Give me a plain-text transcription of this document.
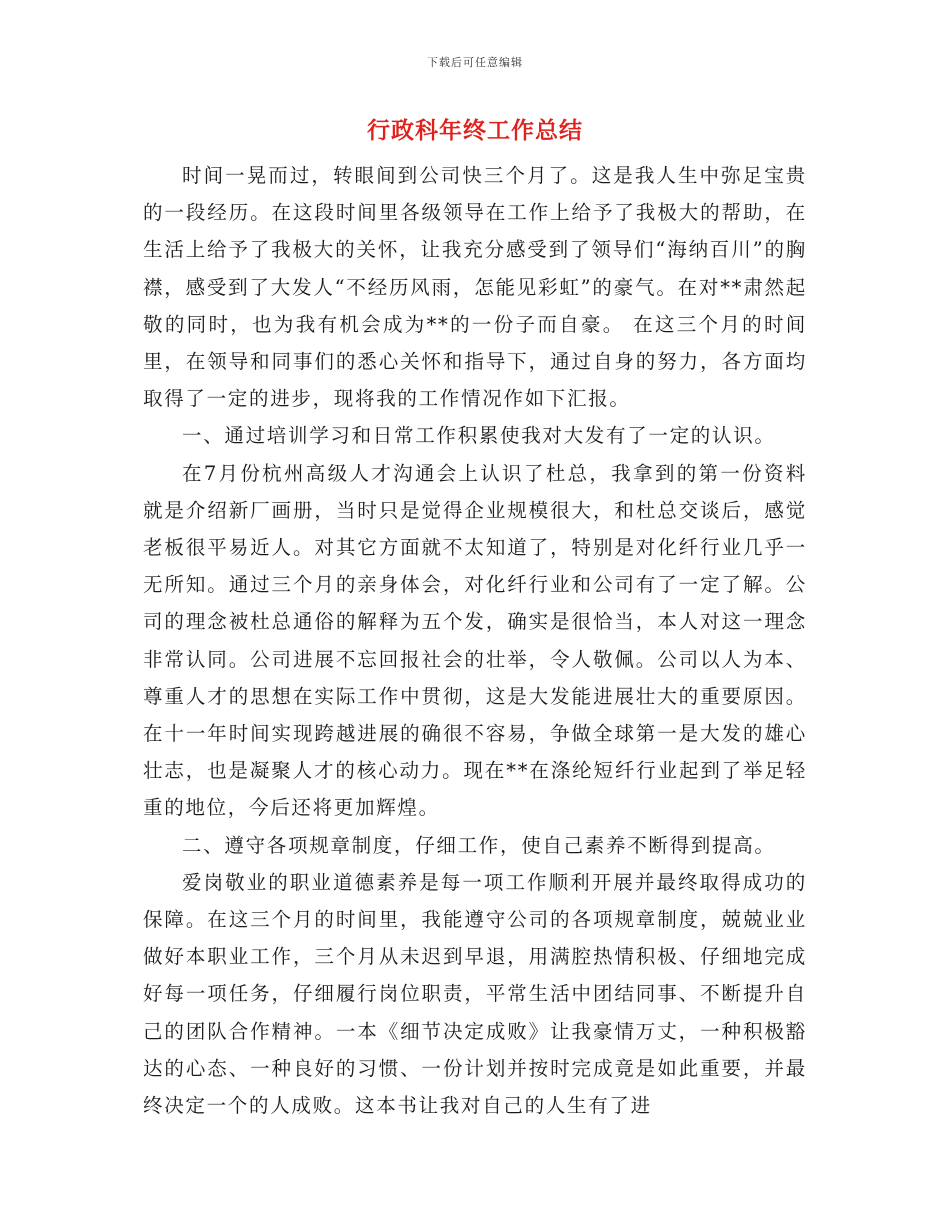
下载后可任意编辑
行政科年终工作总结

时间一晃而过，转眼间到公司快三个月了。这是我人生中弥足宝贵的一段经历。在这段时间里各级领导在工作上给予了我极大的帮助，在生活上给予了我极大的关怀，让我充分感受到了领导们“海纳百川”的胸襟，感受到了大发人“不经历风雨，怎能见彩虹”的豪气。在对**肃然起敬的同时，也为我有机会成为**的一份子而自豪。 在这三个月的时间里，在领导和同事们的悉心关怀和指导下，通过自身的努力，各方面均取得了一定的进步，现将我的工作情况作如下汇报。

一、通过培训学习和日常工作积累使我对大发有了一定的认识。

在7月份杭州高级人才沟通会上认识了杜总，我拿到的第一份资料就是介绍新厂画册，当时只是觉得企业规模很大，和杜总交谈后，感觉老板很平易近人。对其它方面就不太知道了，特别是对化纤行业几乎一无所知。通过三个月的亲身体会，对化纤行业和公司有了一定了解。公司的理念被杜总通俗的解释为五个发，确实是很恰当，本人对这一理念非常认同。公司进展不忘回报社会的壮举，令人敬佩。公司以人为本、尊重人才的思想在实际工作中贯彻，这是大发能进展壮大的重要原因。在十一年时间实现跨越进展的确很不容易，争做全球第一是大发的雄心壮志，也是凝聚人才的核心动力。现在**在涤纶短纤行业起到了举足轻重的地位，今后还将更加辉煌。

二、遵守各项规章制度，仔细工作，使自己素养不断得到提高。

爱岗敬业的职业道德素养是每一项工作顺利开展并最终取得成功的保障。在这三个月的时间里，我能遵守公司的各项规章制度，兢兢业业做好本职业工作，三个月从未迟到早退，用满腔热情积极、仔细地完成好每一项任务，仔细履行岗位职责，平常生活中团结同事、不断提升自己的团队合作精神。一本《细节决定成败》让我豪情万丈，一种积极豁达的心态、一种良好的习惯、一份计划并按时完成竟是如此重要，并最终决定一个的人成败。这本书让我对自己的人生有了进
